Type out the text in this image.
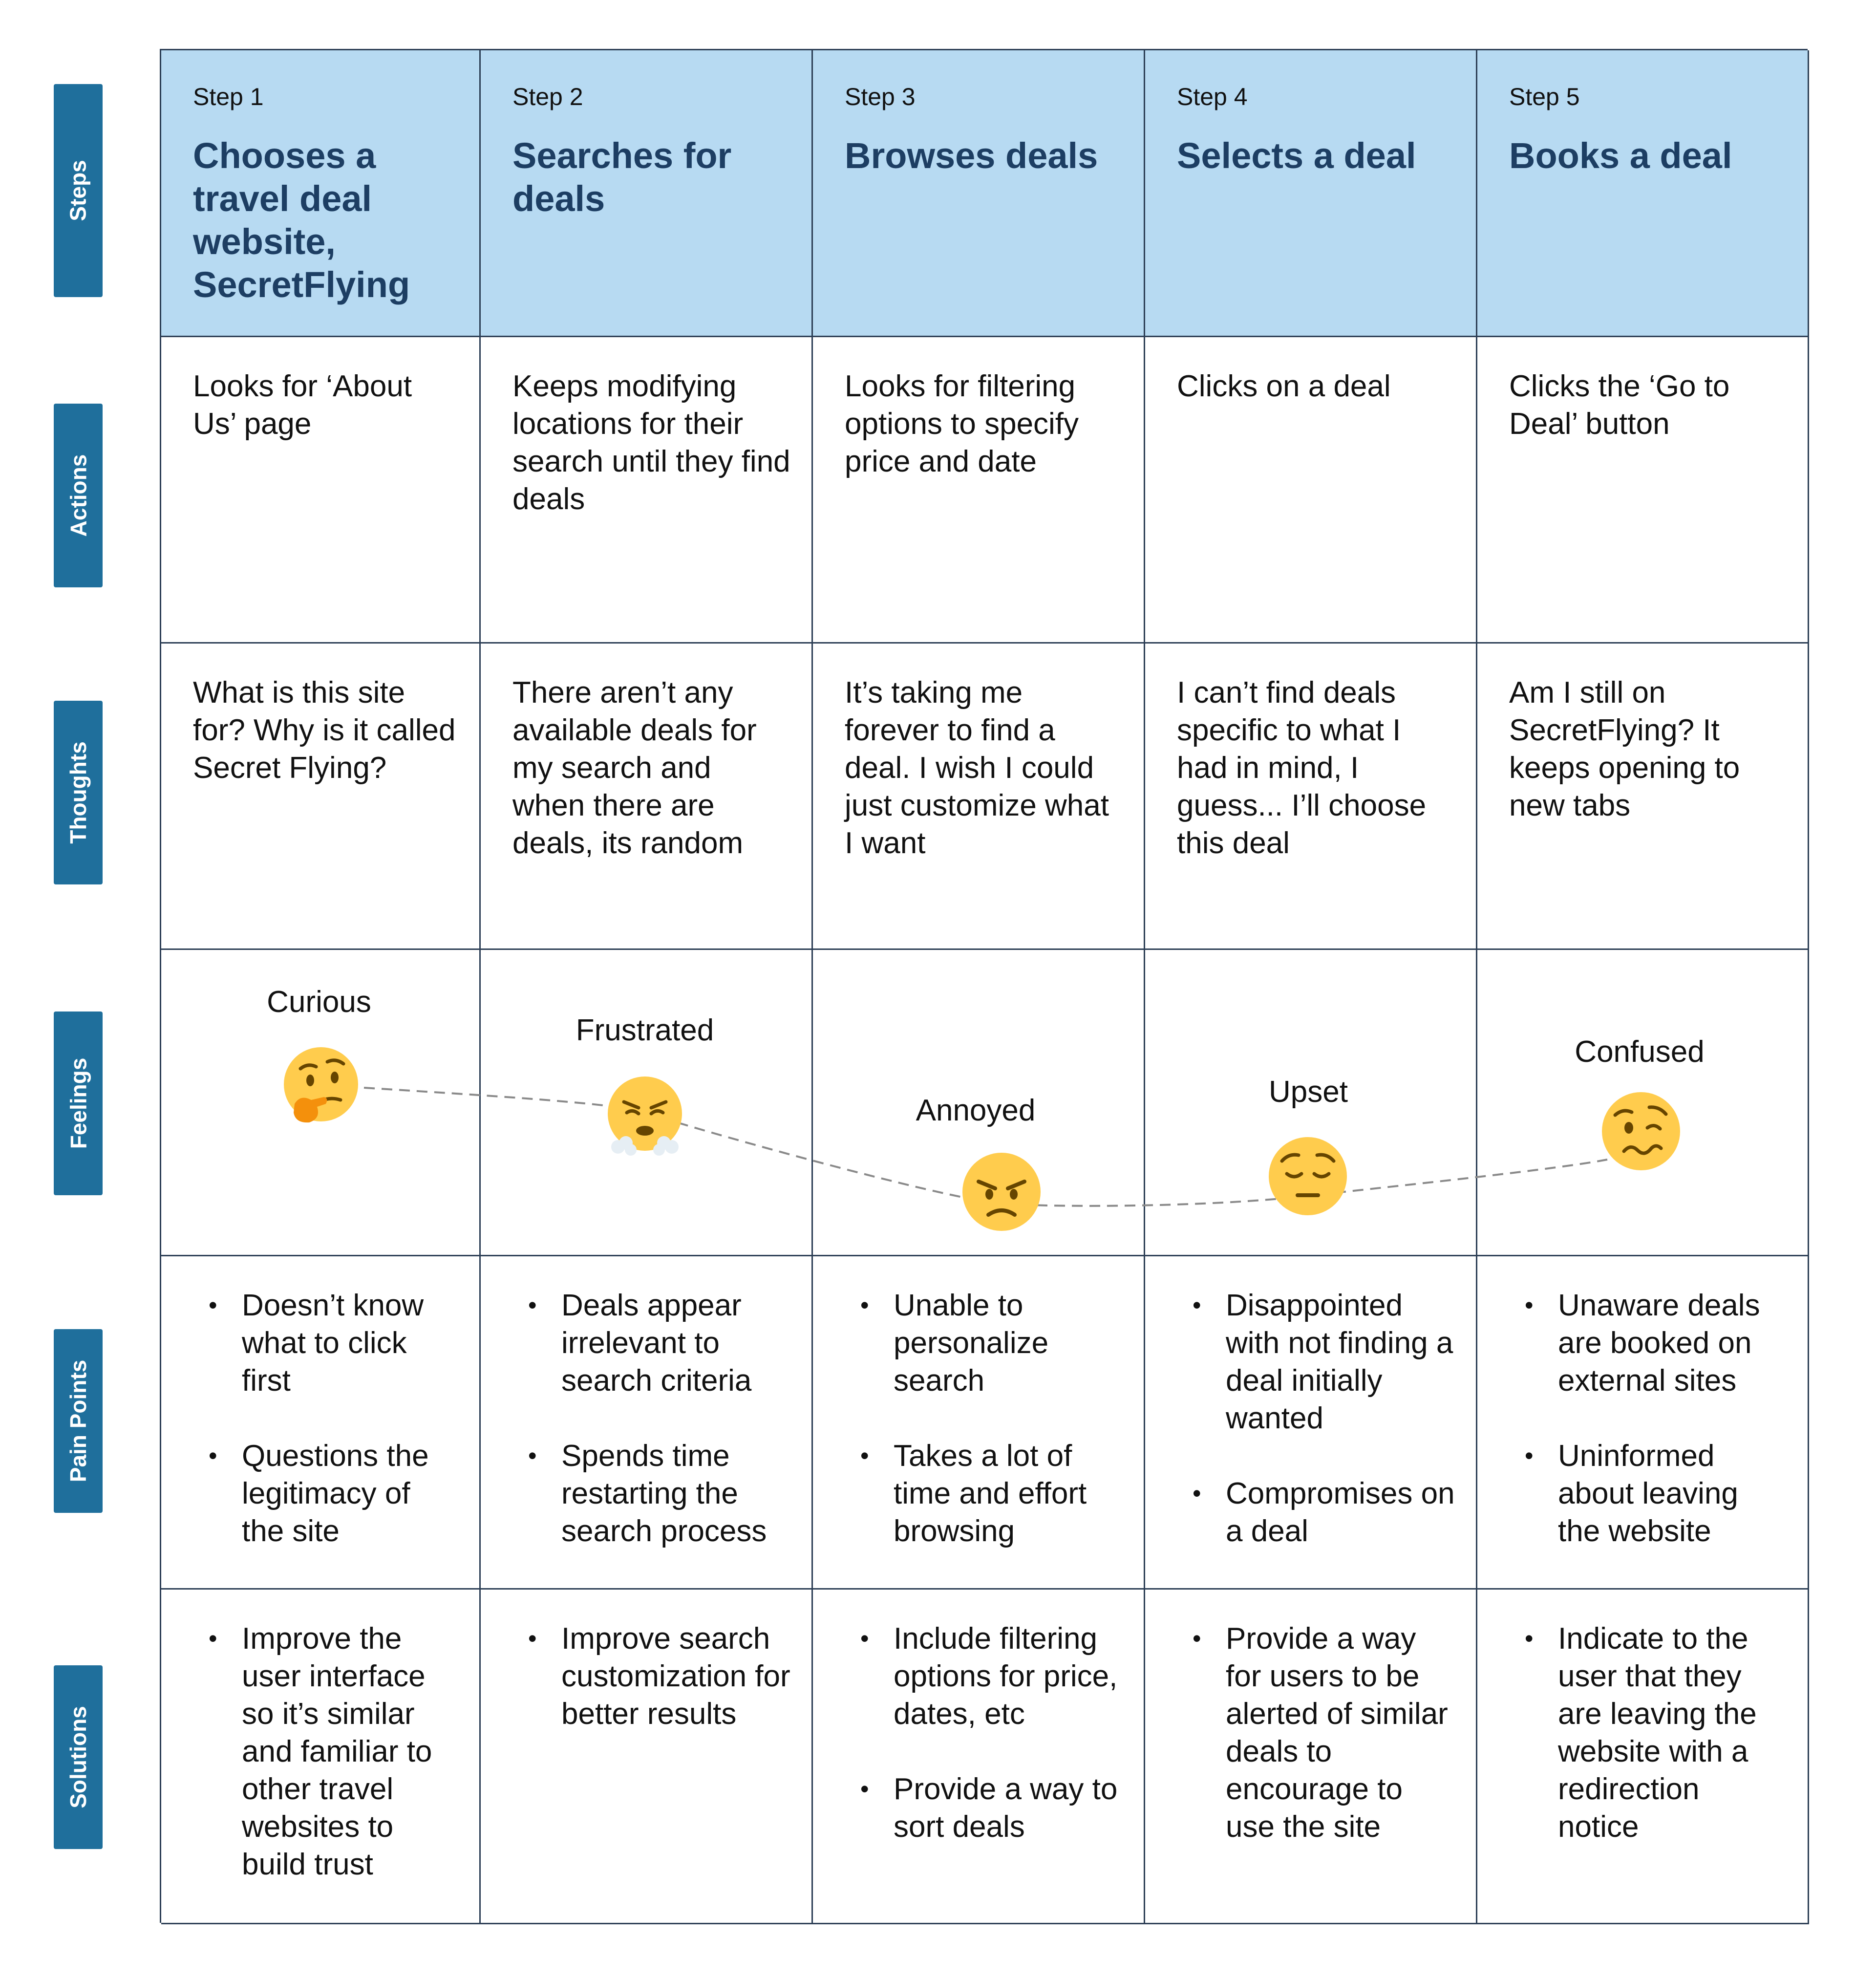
Steps
Actions
Thoughts
Feelings
Pain Points
Solutions
Step 1
Chooses a travel deal website, SecretFlying
Step 2
Searches for deals
Step 3
Browses deals
Step 4
Selects a deal
Step 5
Books a deal
Looks for ‘About Us’ page
Keeps modifying locations for their search until they find deals
Looks for filtering options to specify price and date
Clicks on a deal	Clicks the ‘Go to Deal’ button
What is this site for? Why is it called Secret Flying?
There aren’t any available deals for my search and when there are deals, its random
It’s taking me forever to find a deal. I wish I could just customize what I want
I can’t find deals specific to what I had in mind, I guess... I’ll choose this deal
Am I still on SecretFlying? It keeps opening to new tabs
Curious
Frustrated
Annoyed
Upset
Confused
• Doesn’t know what to click first
• Questions the legitimacy of the site
• Deals appear irrelevant to search criteria
• Spends time restarting the search process
• Unable to personalize search
• Takes a lot of time and effort browsing
• Disappointed with not finding a deal initially wanted
• Compromises on a deal
• Unaware deals are booked on external sites
• Uninformed about leaving the website
• Improve the user interface so it’s similar and familiar to other travel websites to build trust
• Improve search customization for better results
• Include filtering options for price, dates, etc
• Provide a way to sort deals
• Provide a way for users to be alerted of similar deals to encourage to use the site
• Indicate to the user that they are leaving the website with a redirection notice
